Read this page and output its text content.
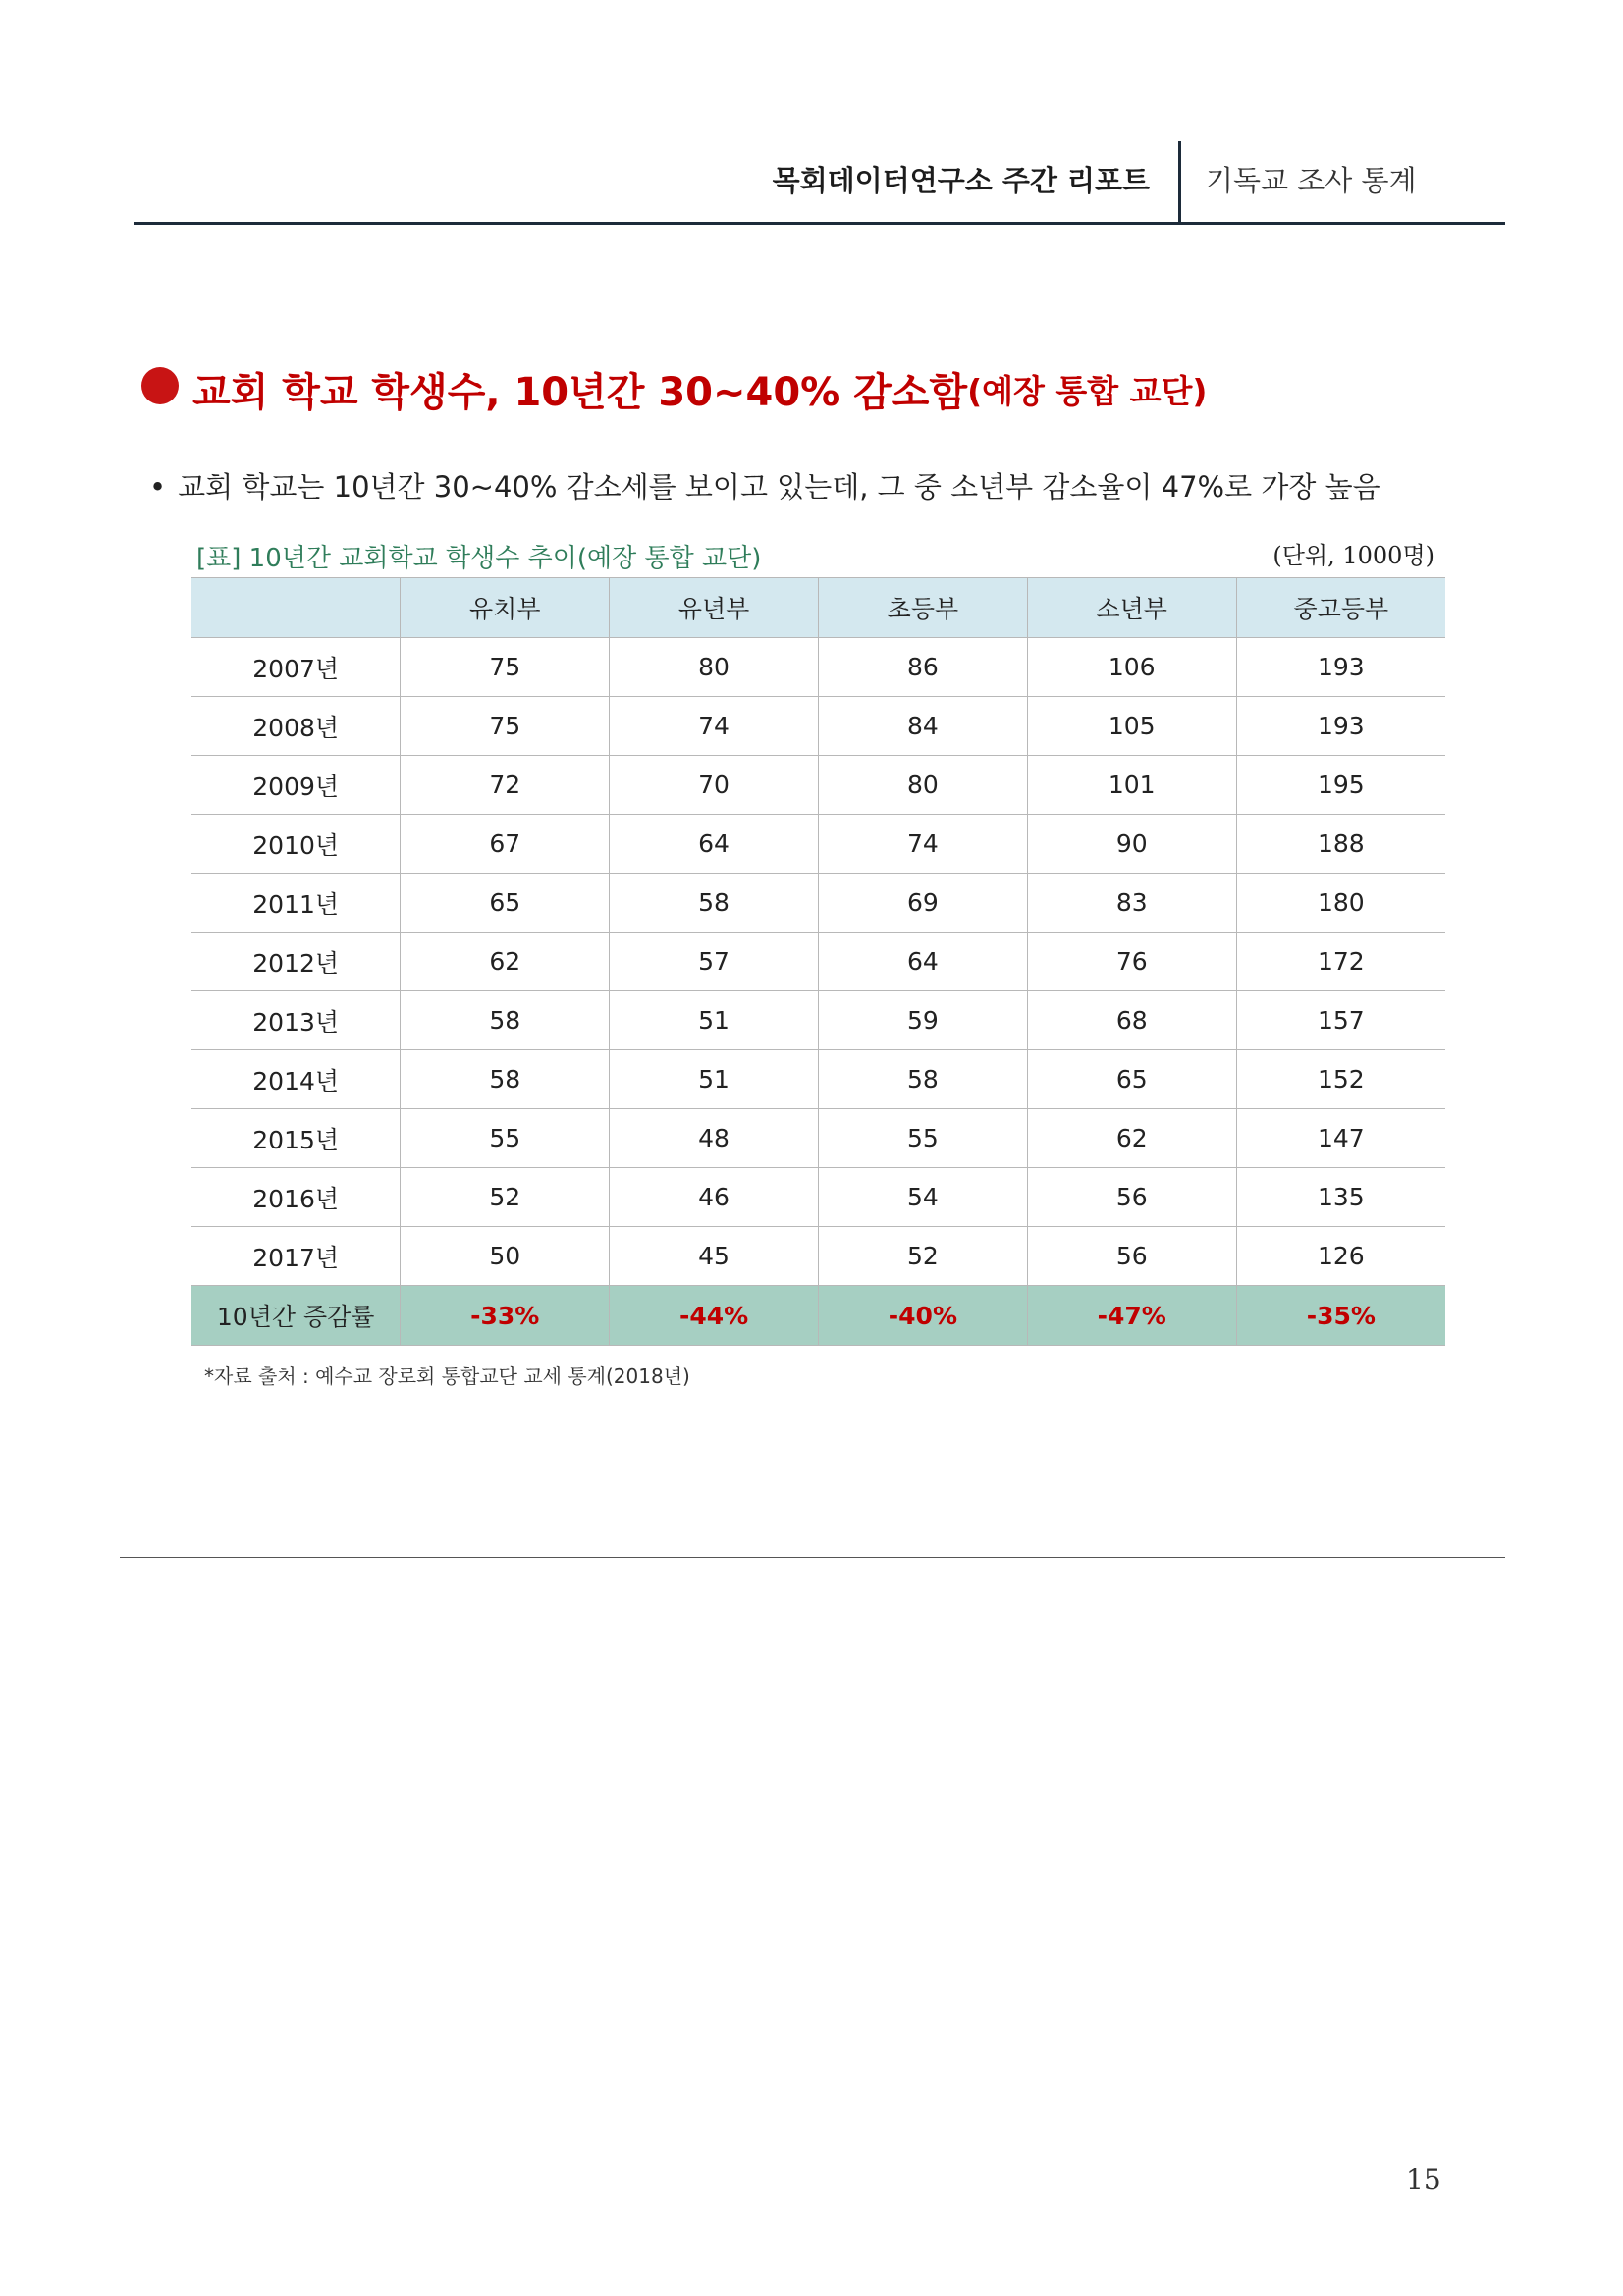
목회데이터연구소 주간 리포트 기독교 조사 통계
교회 학교 학생수, 10년간 30~40% 감소함(예장 통합 교단)
• 교회 학교는 10년간 30~40% 감소세를 보이고 있는데, 그 중 소년부 감소율이 47%로 가장 높음
[표] 10년간 교회학교 학생수 추이(예장 통합 교단)	(단위, 1000명)
	유치부	유년부	초등부	소년부	중고등부
2007년	75	80	86	106	193
2008년	75	74	84	105	193
2009년	72	70	80	101	195
2010년	67	64	74	90	188
2011년	65	58	69	83	180
2012년	62	57	64	76	172
2013년	58	51	59	68	157
2014년	58	51	58	65	152
2015년	55	48	55	62	147
2016년	52	46	54	56	135
2017년	50	45	52	56	126
10년간 증감률	-33%	-44%	-40%	-47%	-35%
*자료 출처 : 예수교 장로회 통합교단 교세 통계(2018년)
15
